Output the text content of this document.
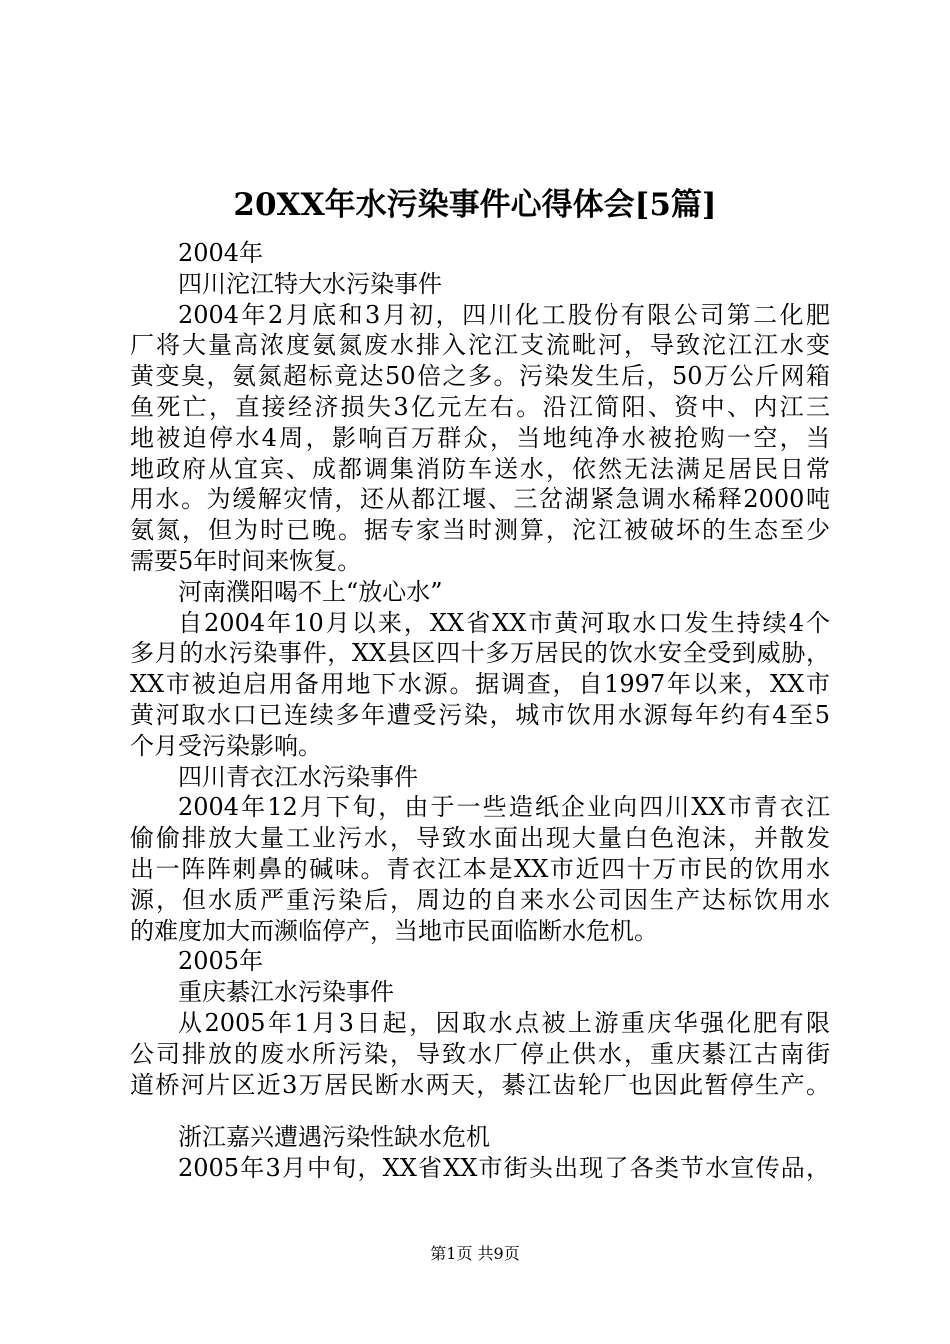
20XX年水污染事件心得体会[5篇]
2004年
四川沱江特大水污染事件
2004年2月底和3月初，四川化工股份有限公司第二化肥
厂将大量高浓度氨氮废水排入沱江支流毗河，导致沱江江水变
黄变臭，氨氮超标竟达50倍之多。污染发生后，50万公斤网箱
鱼死亡，直接经济损失3亿元左右。沿江简阳、资中、内江三
地被迫停水4周，影响百万群众，当地纯净水被抢购一空，当
地政府从宜宾、成都调集消防车送水，依然无法满足居民日常
用水。为缓解灾情，还从都江堰、三岔湖紧急调水稀释2000吨
氨氮，但为时已晚。据专家当时测算，沱江被破坏的生态至少
需要5年时间来恢复。
河南濮阳喝不上“放心水”
自2004年10月以来，XX省XX市黄河取水口发生持续4个
多月的水污染事件，XX县区四十多万居民的饮水安全受到威胁，
XX市被迫启用备用地下水源。据调查，自1997年以来，XX市
黄河取水口已连续多年遭受污染，城市饮用水源每年约有4至5
个月受污染影响。
四川青衣江水污染事件
2004年12月下旬，由于一些造纸企业向四川XX市青衣江
偷偷排放大量工业污水，导致水面出现大量白色泡沫，并散发
出一阵阵刺鼻的碱味。青衣江本是XX市近四十万市民的饮用水
源，但水质严重污染后，周边的自来水公司因生产达标饮用水
的难度加大而濒临停产，当地市民面临断水危机。
2005年
重庆綦江水污染事件
从2005年1月3日起，因取水点被上游重庆华强化肥有限
公司排放的废水所污染，导致水厂停止供水，重庆綦江古南街
道桥河片区近3万居民断水两天，綦江齿轮厂也因此暂停生产。
浙江嘉兴遭遇污染性缺水危机
2005年3月中旬，XX省XX市街头出现了各类节水宣传品，
第1页 共9页
